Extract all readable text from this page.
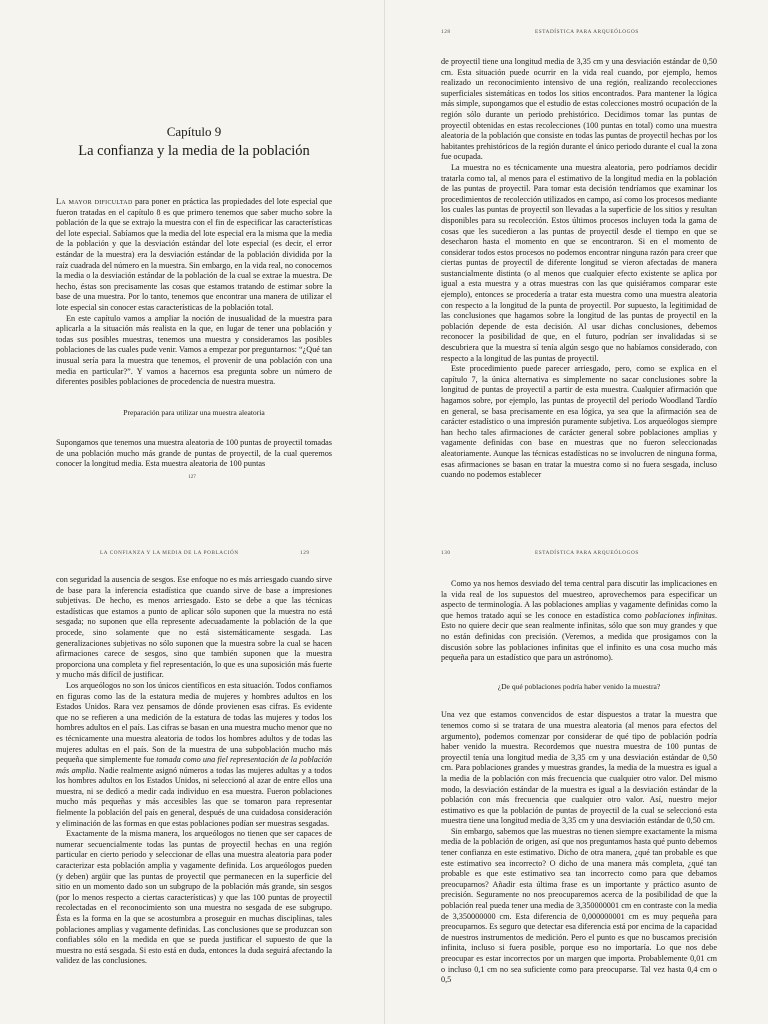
Capítulo 9
La confianza y la media de la población

La mayor dificultad para poner en práctica las propiedades del lote especial que fueron tratadas en el capítulo 8 es que primero tenemos que saber mucho sobre la población de la que se extrajo la muestra con el fin de especificar las características del lote especial. Sabíamos que la media del lote especial era la misma que la media de la población y que la desviación estándar del lote especial (es decir, el error estándar de la muestra) era la desviación estándar de la población dividida por la raíz cuadrada del número en la muestra. Sin embargo, en la vida real, no conocemos la media o la desviación estándar de la población de la cual se extrae la muestra. De hecho, éstas son precisamente las cosas que estamos tratando de estimar sobre la base de una muestra. Por lo tanto, tenemos que encontrar una manera de utilizar el lote especial sin conocer estas características de la población total.

En este capítulo vamos a ampliar la noción de inusualidad de la muestra para aplicarla a la situación más realista en la que, en lugar de tener una población y todas sus posibles muestras, tenemos una muestra y consideramos las posibles poblaciones de las cuales pude venir. Vamos a empezar por preguntarnos: “¿Qué tan inusual sería para la muestra que tenemos, el provenir de una población con una media en particular?”. Y vamos a hacernos esa pregunta sobre un número de diferentes posibles poblaciones de procedencia de nuestra muestra.

Preparación para utilizar una muestra aleatoria

Supongamos que tenemos una muestra aleatoria de 100 puntas de proyectil tomadas de una población mucho más grande de puntas de proyectil, de la cual queremos conocer la longitud media. Esta muestra aleatoria de 100 puntas

127
128	ESTADÍSTICA PARA ARQUEÓLOGOS

de proyectil tiene una longitud media de 3,35 cm y una desviación estándar de 0,50 cm. Esta situación puede ocurrir en la vida real cuando, por ejemplo, hemos realizado un reconocimiento intensivo de una región, realizando recolecciones superficiales sistemáticas en todos los sitios encontrados. Para mantener la lógica más simple, supongamos que el estudio de estas colecciones mostró ocupación de la región sólo durante un periodo prehistórico. Decidimos tomar las puntas de proyectil obtenidas en estas recolecciones (100 puntas en total) como una muestra aleatoria de la población que consiste en todas las puntas de proyectil hechas por los habitantes prehistóricos de la región durante el único periodo durante el cual la zona fue ocupada.

La muestra no es técnicamente una muestra aleatoria, pero podríamos decidir tratarla como tal, al menos para el estimativo de la longitud media en la población de las puntas de proyectil. Para tomar esta decisión tendríamos que examinar los procedimientos de recolección utilizados en campo, así como los procesos mediante los cuales las puntas de proyectil son llevadas a la superficie de los sitios y resultan disponibles para su recolección. Estos últimos procesos incluyen toda la gama de cosas que les sucedieron a las puntas de proyectil desde el tiempo en que se desecharon hasta el momento en que se encontraron. Si en el momento de considerar todos estos procesos no podemos encontrar ninguna razón para creer que ciertas puntas de proyectil de diferente longitud se vieron afectadas de manera sustancialmente distinta (o al menos que cualquier efecto existente se aplica por igual a esta muestra y a otras muestras con las que quisiéramos comparar este ejemplo), entonces se procedería a tratar esta muestra como una muestra aleatoria con respecto a la longitud de la punta de proyectil. Por supuesto, la legitimidad de las conclusiones que hagamos sobre la longitud de las puntas de proyectil en la población depende de esta decisión. Al usar dichas conclusiones, debemos reconocer la posibilidad de que, en el futuro, podrían ser invalidadas si se descubriera que la muestra sí tenía algún sesgo que no habíamos considerado, con respecto a la longitud de las puntas de proyectil.

Este procedimiento puede parecer arriesgado, pero, como se explica en el capítulo 7, la única alternativa es simplemente no sacar conclusiones sobre la longitud de puntas de proyectil a partir de esta muestra. Cualquier afirmación que hagamos sobre, por ejemplo, las puntas de proyectil del periodo Woodland Tardío en general, se basa precisamente en esa lógica, ya sea que la afirmación sea de carácter estadístico o una impresión puramente subjetiva. Los arqueólogos siempre han hecho tales afirmaciones de carácter general sobre poblaciones amplias y vagamente definidas con base en muestras que no fueron seleccionadas aleatoriamente. Aunque las técnicas estadísticas no se involucren de ninguna forma, esas afirmaciones se basan en tratar la muestra como si no fuera sesgada, incluso cuando no podemos establecer

LA CONFIANZA Y LA MEDIA DE LA POBLACIÓN	129

con seguridad la ausencia de sesgos. Ese enfoque no es más arriesgado cuando sirve de base para la inferencia estadística que cuando sirve de base a impresiones subjetivas. De hecho, es menos arriesgado. Esto se debe a que las técnicas estadísticas que estamos a punto de aplicar sólo suponen que la muestra no está sesgada; no suponen que ella represente adecuadamente la población de la que procede, sino solamente que no está sistemáticamente sesgada. Las generalizaciones subjetivas no sólo suponen que la muestra sobre la cual se hacen afirmaciones carece de sesgos, sino que también suponen que la muestra proporciona una completa y fiel representación, lo que es una suposición más fuerte y mucho más difícil de justificar.

Los arqueólogos no son los únicos científicos en esta situación. Todos confiamos en figuras como las de la estatura media de mujeres y hombres adultos en los Estados Unidos. Rara vez pensamos de dónde provienen esas cifras. Es evidente que no se refieren a una medición de la estatura de todas las mujeres y todos los hombres adultos en el país. Las cifras se basan en una muestra mucho menor que no es técnicamente una muestra aleatoria de todos los hombres adultos y de todas las mujeres adultas en el país. Son de la muestra de una subpoblación mucho más pequeña que simplemente fue tomada como una fiel representación de la población más amplia. Nadie realmente asignó números a todas las mujeres adultas y a todos los hombres adultos en los Estados Unidos, ni seleccionó al azar de entre ellos una muestra, ni se dedicó a medir cada individuo en esa muestra. Fueron poblaciones mucho más pequeñas y más accesibles las que se tomaron para representar fielmente la población del país en general, después de una cuidadosa consideración y eliminación de las formas en que estas poblaciones podían ser muestras sesgadas.

Exactamente de la misma manera, los arqueólogos no tienen que ser capaces de numerar secuencialmente todas las puntas de proyectil hechas en una región particular en cierto periodo y seleccionar de ellas una muestra aleatoria para poder caracterizar esta población amplia y vagamente definida. Los arqueólogos pueden (y deben) argüir que las puntas de proyectil que permanecen en la superficie del sitio en un momento dado son un subgrupo de la población más grande, sin sesgos (por lo menos respecto a ciertas características) y que las 100 puntas de proyectil recolectadas en el reconocimiento son una muestra no sesgada de ese subgrupo. Ésta es la forma en la que se acostumbra a proseguir en muchas disciplinas, tales poblaciones amplias y vagamente definidas. Las conclusiones que se produzcan son confiables sólo en la medida en que se pueda justificar el supuesto de que la muestra no está sesgada. Si esto está en duda, entonces la duda seguirá afectando la validez de las conclusiones.

130	ESTADÍSTICA PARA ARQUEÓLOGOS

Como ya nos hemos desviado del tema central para discutir las implicaciones en la vida real de los supuestos del muestreo, aprovechemos para especificar un aspecto de terminología. A las poblaciones amplias y vagamente definidas como la que hemos tratado aquí se les conoce en estadística como poblaciones infinitas. Esto no quiere decir que sean realmente infinitas, sólo que son muy grandes y que no están definidas con precisión. (Veremos, a medida que prosigamos con la discusión sobre las poblaciones infinitas que el infinito es una cosa mucho más pequeña para un estadístico que para un astrónomo).

¿De qué poblaciones podría haber venido la muestra?

Una vez que estamos convencidos de estar dispuestos a tratar la muestra que tenemos como si se tratara de una muestra aleatoria (al menos para efectos del argumento), podemos comenzar por considerar de qué tipo de población podría haber venido la muestra. Recordemos que nuestra muestra de 100 puntas de proyectil tenía una longitud media de 3,35 cm y una desviación estándar de 0,50 cm. Para poblaciones grandes y muestras grandes, la media de la muestra es igual a la media de la población con más frecuencia que cualquier otro valor. Del mismo modo, la desviación estándar de la muestra es igual a la desviación estándar de la población con más frecuencia que cualquier otro valor. Así, nuestro mejor estimativo es que la población de puntas de proyectil de la cual se seleccionó esta muestra tiene una longitud media de 3,35 cm y una desviación estándar de 0,50 cm.

Sin embargo, sabemos que las muestras no tienen siempre exactamente la misma media de la población de origen, así que nos preguntamos hasta qué punto debemos tener confianza en este estimativo. Dicho de otra manera, ¿qué tan probable es que este estimativo sea incorrecto? O dicho de una manera más completa, ¿qué tan probable es que este estimativo sea tan incorrecto como para que debamos preocuparnos? Añadir esta última frase es un importante y práctico asunto de precisión. Seguramente no nos preocuparemos acerca de la posibilidad de que la población real pueda tener una media de 3,350000001 cm en contraste con la media de 3,350000000 cm. Esta diferencia de 0,000000001 cm es muy pequeña para preocuparnos. Es seguro que detectar esa diferencia está por encima de la capacidad de nuestros instrumentos de medición. Pero el punto es que no buscamos precisión infinita, incluso si fuera posible, porque eso no importaría. Lo que nos debe preocupar es estar incorrectos por un margen que importa. Probablemente 0,01 cm o incluso 0,1 cm no sea suficiente como para preocuparse. Tal vez hasta 0,4 cm o 0,5
